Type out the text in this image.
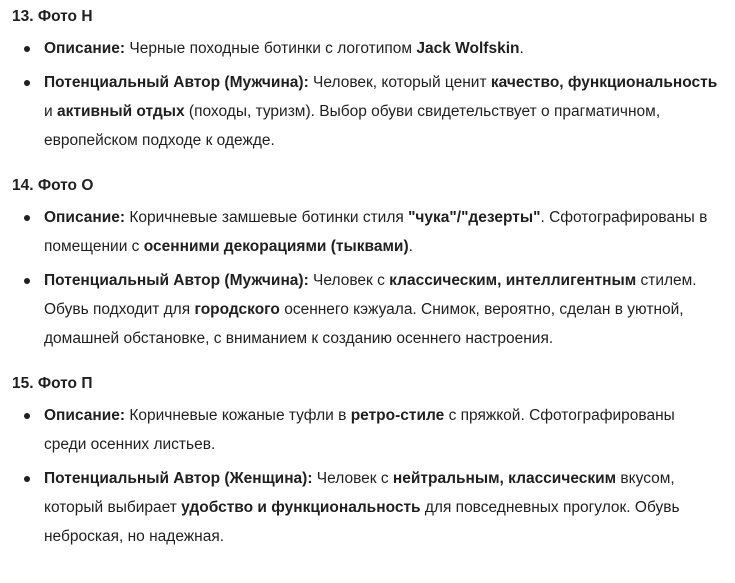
13. Фото Н
Описание: Черные походные ботинки с логотипом Jack Wolfskin.
Потенциальный Автор (Мужчина): Человек, который ценит качество, функциональность и активный отдых (походы, туризм). Выбор обуви свидетельствует о прагматичном, европейском подходе к одежде.
14. Фото О
Описание: Коричневые замшевые ботинки стиля "чука"/"дезерты". Сфотографированы в помещении с осенними декорациями (тыквами).
Потенциальный Автор (Мужчина): Человек с классическим, интеллигентным стилем. Обувь подходит для городского осеннего кэжуала. Снимок, вероятно, сделан в уютной, домашней обстановке, с вниманием к созданию осеннего настроения.
15. Фото П
Описание: Коричневые кожаные туфли в ретро-стиле с пряжкой. Сфотографированы среди осенних листьев.
Потенциальный Автор (Женщина): Человек с нейтральным, классическим вкусом, который выбирает удобство и функциональность для повседневных прогулок. Обувь неброская, но надежная.
